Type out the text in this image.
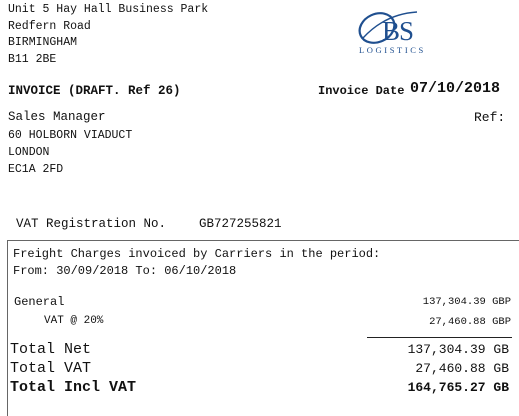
Unit 5 Hay Hall Business Park
Redfern Road
BIRMINGHAM
B11 2BE
BS
LOGISTICS
INVOICE (DRAFT. Ref 26)	Invoice Date 07/10/2018
Sales Manager
60 HOLBORN VIADUCT
LONDON
EC1A 2FD
Ref:
VAT Registration No.	GB727255821
Freight Charges invoiced by Carriers in the period:
From: 30/09/2018 To: 06/10/2018
General	137,304.39 GBP
VAT @ 20%	27,460.88 GBP
Total Net	137,304.39 GB
Total VAT	27,460.88 GB
Total Incl VAT	164,765.27 GB
